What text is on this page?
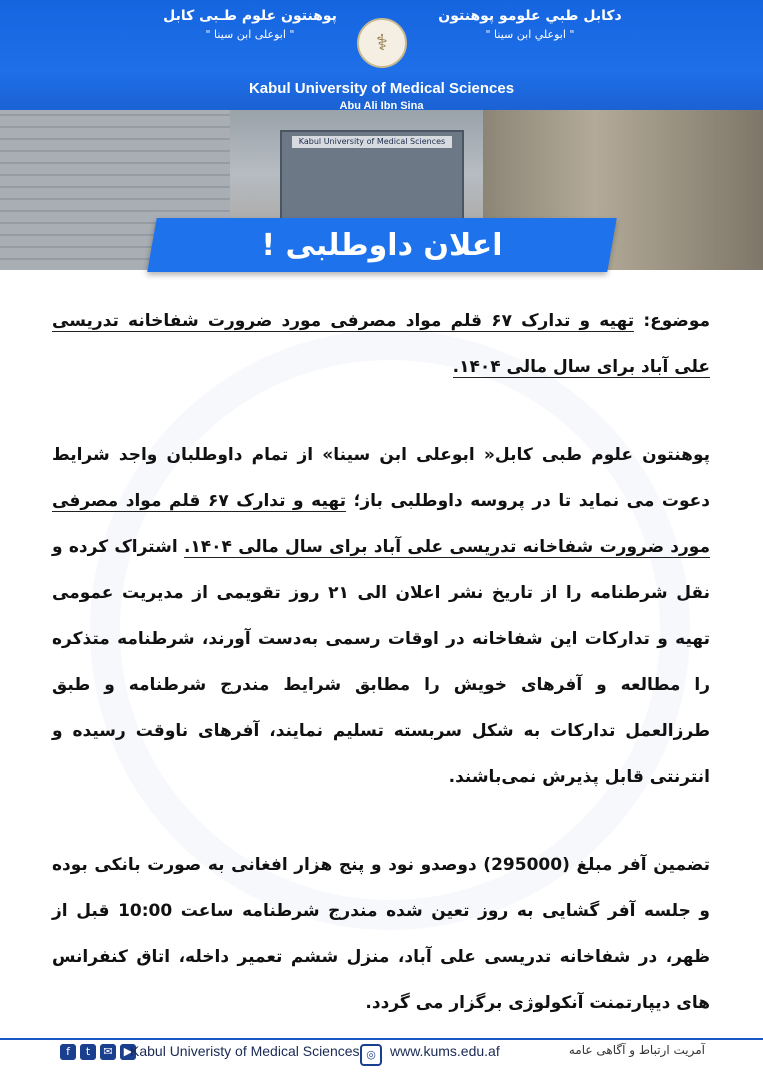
دکابل طبي علومو پوهنتون
" ابوعلي ابن سينا "
پوهنتون علوم طـبی کابل
" ابوعلی ابن سینا "	⚕
Kabul University of Medical Sciences
Abu Ali Ibn Sina
Kabul University of Medical Sciences
اعلان داوطلبی !

موضوع: تهیه و تدارک ۶۷ قلم مواد مصرفی مورد ضرورت شفاخانه تدریسی علی آباد برای سال مالی ۱۴۰۴.

پوهنتون علوم طبی کابل« ابوعلی ابن سینا» از تمام داوطلبان واجد شرایط دعوت می نماید تا در پروسه داوطلبی باز؛ تهیه و تدارک ۶۷ قلم مواد مصرفی مورد ضرورت شفاخانه تدریسی علی آباد برای سال مالی ۱۴۰۴. اشتراک کرده و نقل شرطنامه را از تاریخ نشر اعلان الی ۲۱ روز تقویمی از مدیریت عمومی تهیه و تدارکات این شفاخانه در اوقات رسمی به‌دست آورند، شرطنامه متذکره را مطالعه و آفرهای خویش را مطابق شرایط مندرج شرطنامه و طبق طرزالعمل تدارکات به شکل سربسته تسلیم نمایند، آفرهای ناوقت رسیده و انترنتی قابل پذیرش نمی‌باشند.

تضمین آفر مبلغ (295000) دوصدو نود و پنج هزار افغانی به صورت بانکی بوده و جلسه آفر گشایی به روز تعین شده مندرج شرطنامه ساعت 10:00 قبل از ظهر، در شفاخانه تدریسی علی آباد، منزل ششم تعمیر داخله، اتاق کنفرانس های دیپارتمنت آنکولوژی برگزار می گردد.

f	t	✉	▶
Kabul Univeristy of Medical Sciences ◎	www.kums.edu.af	آمریت ارتباط و آگاهی عامه
